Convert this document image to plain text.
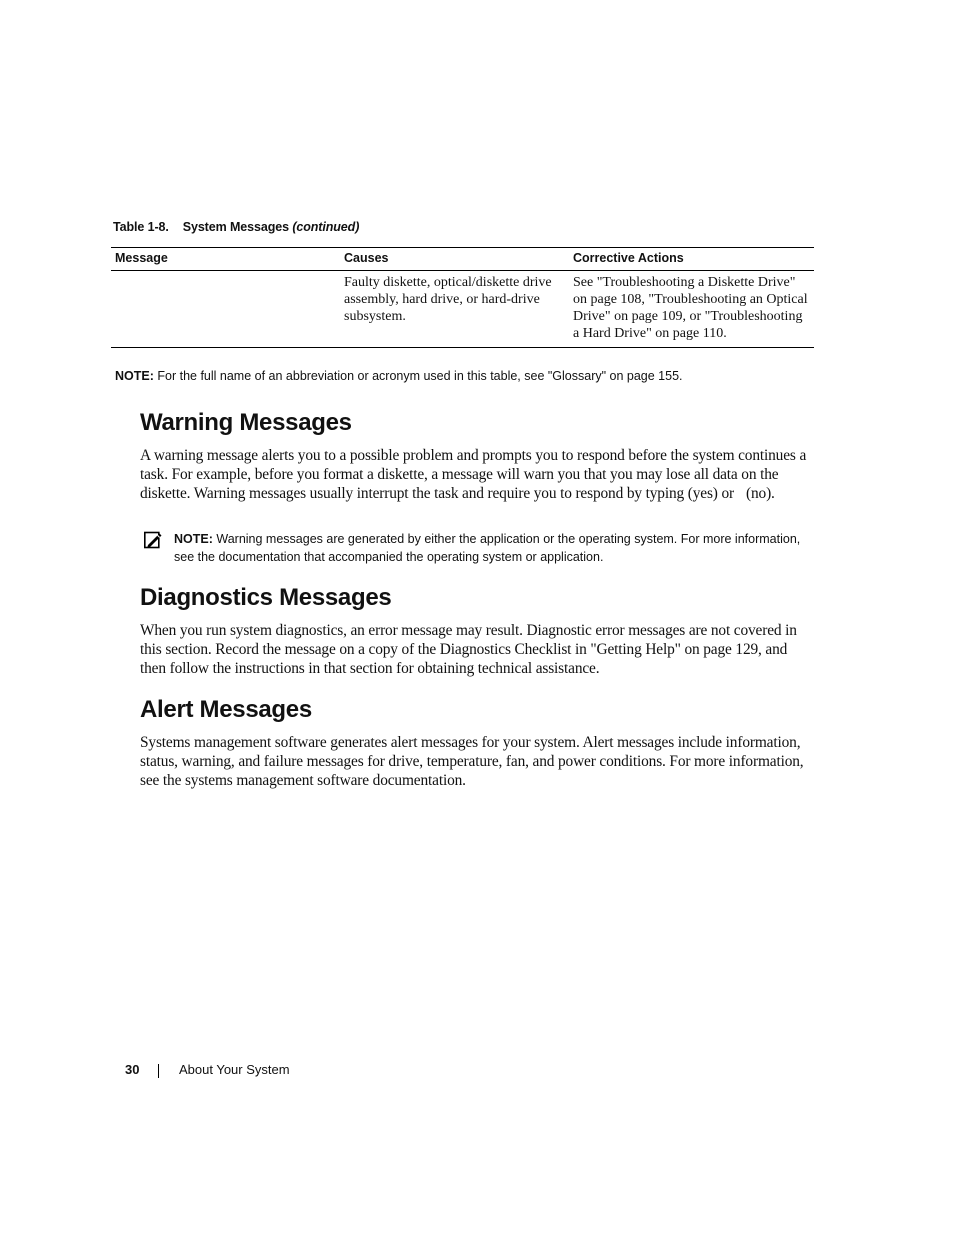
Table 1-8. System Messages (continued)
Message	Causes	Corrective Actions
	Faulty diskette, optical/diskette drive assembly, hard drive, or hard-drive subsystem.	See "Troubleshooting a Diskette Drive" on page 108, "Troubleshooting an Optical Drive" on page 109, or "Troubleshooting a Hard Drive" on page 110.
NOTE: For the full name of an abbreviation or acronym used in this table, see "Glossary" on page 155.
Warning Messages

A warning message alerts you to a possible problem and prompts you to respond before the system continues a task. For example, before you format a diskette, a message will warn you that you may lose all data on the diskette. Warning messages usually interrupt the task and require you to respond by typing (yes) or (no).

NOTE: Warning messages are generated by either the application or the operating system. For more information, see the documentation that accompanied the operating system or application.
Diagnostics Messages

When you run system diagnostics, an error message may result. Diagnostic error messages are not covered in this section. Record the message on a copy of the Diagnostics Checklist in "Getting Help" on page 129, and then follow the instructions in that section for obtaining technical assistance.

Alert Messages

Systems management software generates alert messages for your system. Alert messages include information, status, warning, and failure messages for drive, temperature, fan, and power conditions. For more information, see the systems management software documentation.

30	About Your System
